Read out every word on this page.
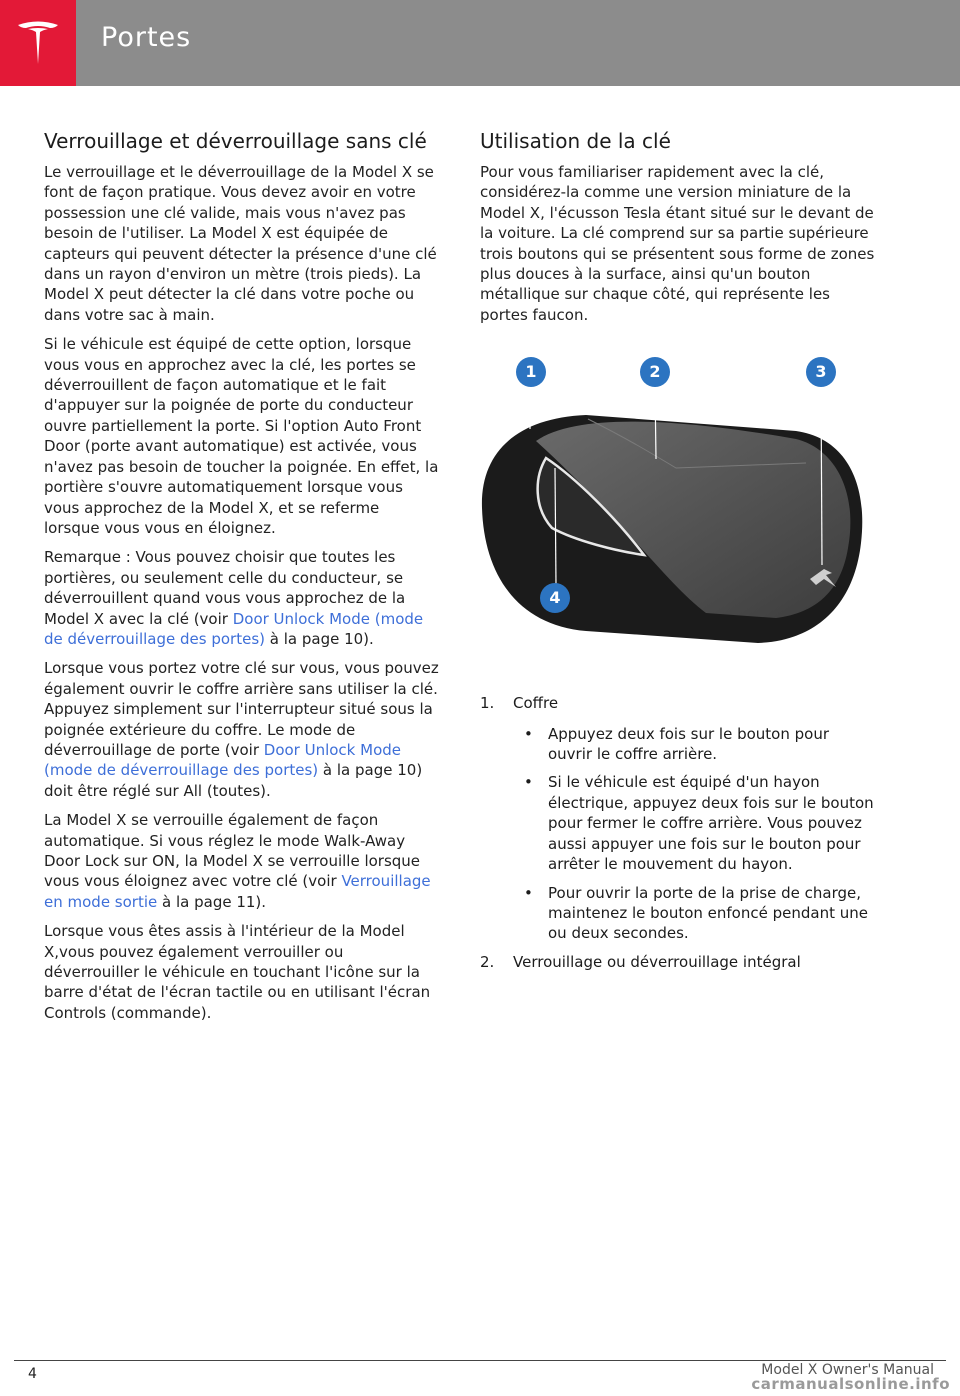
Portes
Verrouillage et déverrouillage sans clé

Le verrouillage et le déverrouillage de la Model X se font de façon pratique. Vous devez avoir en votre possession une clé valide, mais vous n'avez pas besoin de l'utiliser. La Model X est équipée de capteurs qui peuvent détecter la présence d'une clé dans un rayon d'environ un mètre (trois pieds). La Model X peut détecter la clé dans votre poche ou dans votre sac à main.

Si le véhicule est équipé de cette option, lorsque vous vous en approchez avec la clé, les portes se déverrouillent de façon automatique et le fait d'appuyer sur la poignée de porte du conducteur ouvre partiellement la porte. Si l'option Auto Front Door (porte avant automatique) est activée, vous n'avez pas besoin de toucher la poignée. En effet, la portière s'ouvre automatiquement lorsque vous vous approchez de la Model X, et se referme lorsque vous vous en éloignez.

Remarque : Vous pouvez choisir que toutes les portières, ou seulement celle du conducteur, se déverrouillent quand vous vous approchez de la Model X avec la clé (voir Door Unlock Mode (mode de déverrouillage des portes) à la page 10).

Lorsque vous portez votre clé sur vous, vous pouvez également ouvrir le coffre arrière sans utiliser la clé. Appuyez simplement sur l'interrupteur situé sous la poignée extérieure du coffre. Le mode de déverrouillage de porte (voir Door Unlock Mode (mode de déverrouillage des portes) à la page 10) doit être réglé sur All (toutes).

La Model X se verrouille également de façon automatique. Si vous réglez le mode Walk-Away Door Lock sur ON, la Model X se verrouille lorsque vous vous éloignez avec votre clé (voir Verrouillage en mode sortie à la page 11).

Lorsque vous êtes assis à l'intérieur de la Model X,vous pouvez également verrouiller ou déverrouiller le véhicule en touchant l'icône sur la barre d'état de l'écran tactile ou en utilisant l'écran Controls (commande).

Utilisation de la clé

Pour vous familiariser rapidement avec la clé, considérez-la comme une version miniature de la Model X, l'écusson Tesla étant situé sur le devant de la voiture. La clé comprend sur sa partie supérieure trois boutons qui se présentent sous forme de zones plus douces à la surface, ainsi qu'un bouton métallique sur chaque côté, qui représente les portes faucon.

1	2	3
4
1. Coffre
• Appuyez deux fois sur le bouton pour ouvrir le coffre arrière.
• Si le véhicule est équipé d'un hayon électrique, appuyez deux fois sur le bouton pour fermer le coffre arrière. Vous pouvez aussi appuyer une fois sur le bouton pour arrêter le mouvement du hayon.
• Pour ouvrir la porte de la prise de charge, maintenez le bouton enfoncé pendant une ou deux secondes.
2. Verrouillage ou déverrouillage intégral
4	Model X Owner's Manual
carmanualsonline.info
